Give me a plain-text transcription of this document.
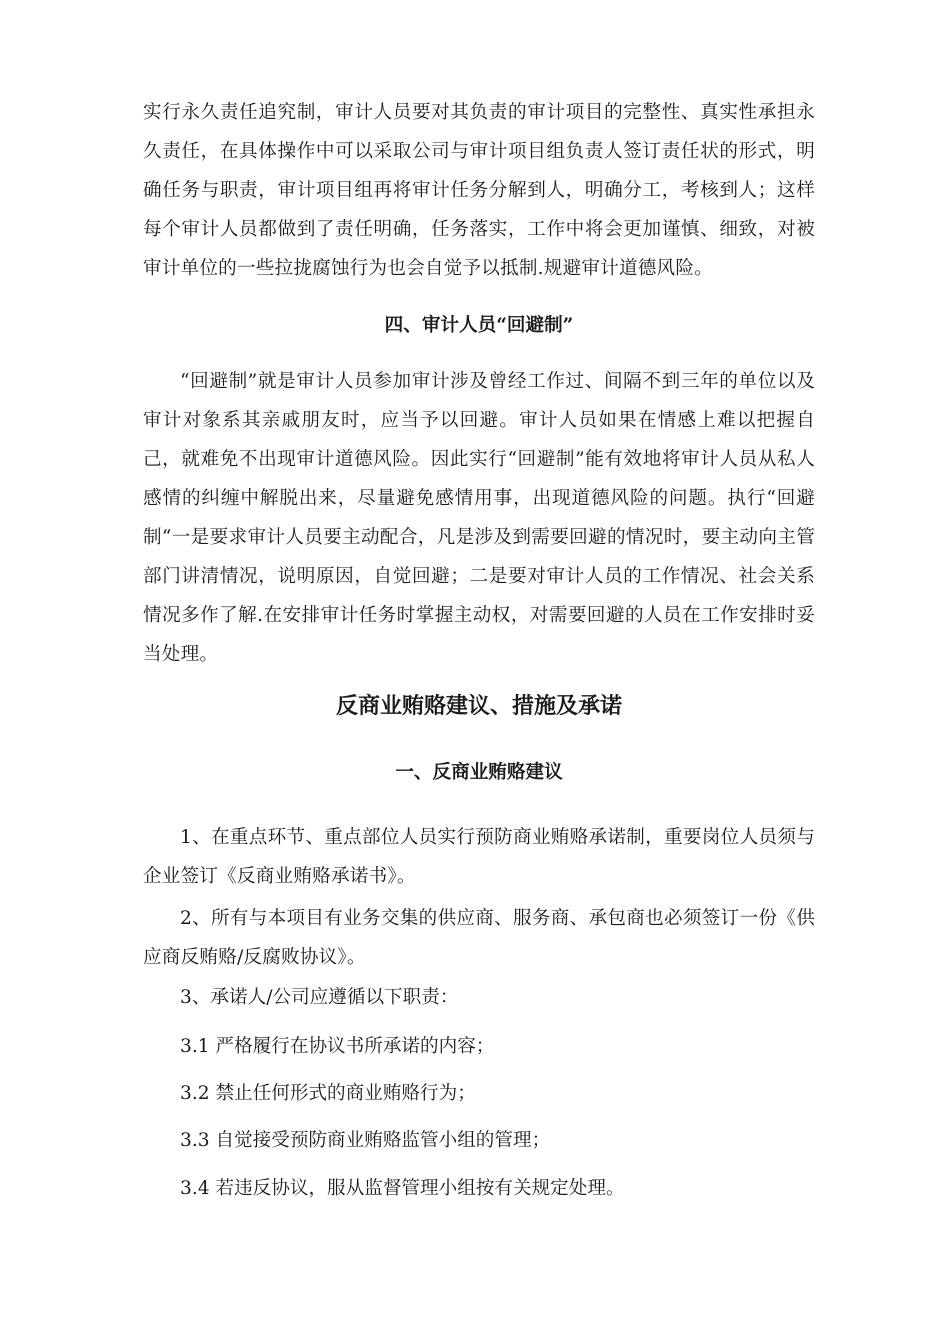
实行永久责任追究制，审计人员要对其负责的审计项目的完整性、真实性承担永久责任，在具体操作中可以采取公司与审计项目组负责人签订责任状的形式，明确任务与职责，审计项目组再将审计任务分解到人，明确分工，考核到人；这样每个审计人员都做到了责任明确，任务落实，工作中将会更加谨慎、细致，对被审计单位的一些拉拢腐蚀行为也会自觉予以抵制.规避审计道德风险。

四、审计人员“回避制”

“回避制”就是审计人员参加审计涉及曾经工作过、间隔不到三年的单位以及审计对象系其亲戚朋友时，应当予以回避。审计人员如果在情感上难以把握自己，就难免不出现审计道德风险。因此实行“回避制”能有效地将审计人员从私人感情的纠缠中解脱出来，尽量避免感情用事，出现道德风险的问题。执行“回避制“一是要求审计人员要主动配合，凡是涉及到需要回避的情况时，要主动向主管部门讲清情况，说明原因，自觉回避；二是要对审计人员的工作情况、社会关系情况多作了解.在安排审计任务时掌握主动权，对需要回避的人员在工作安排时妥当处理。

反商业贿赂建议、措施及承诺
一、反商业贿赂建议

1、在重点环节、重点部位人员实行预防商业贿赂承诺制，重要岗位人员须与企业签订《反商业贿赂承诺书》。

2、所有与本项目有业务交集的供应商、服务商、承包商也必须签订一份《供应商反贿赂/反腐败协议》。

3、承诺人/公司应遵循以下职责：

3.1 严格履行在协议书所承诺的内容；

3.2 禁止任何形式的商业贿赂行为；

3.3 自觉接受预防商业贿赂监管小组的管理；

3.4 若违反协议，服从监督管理小组按有关规定处理。
